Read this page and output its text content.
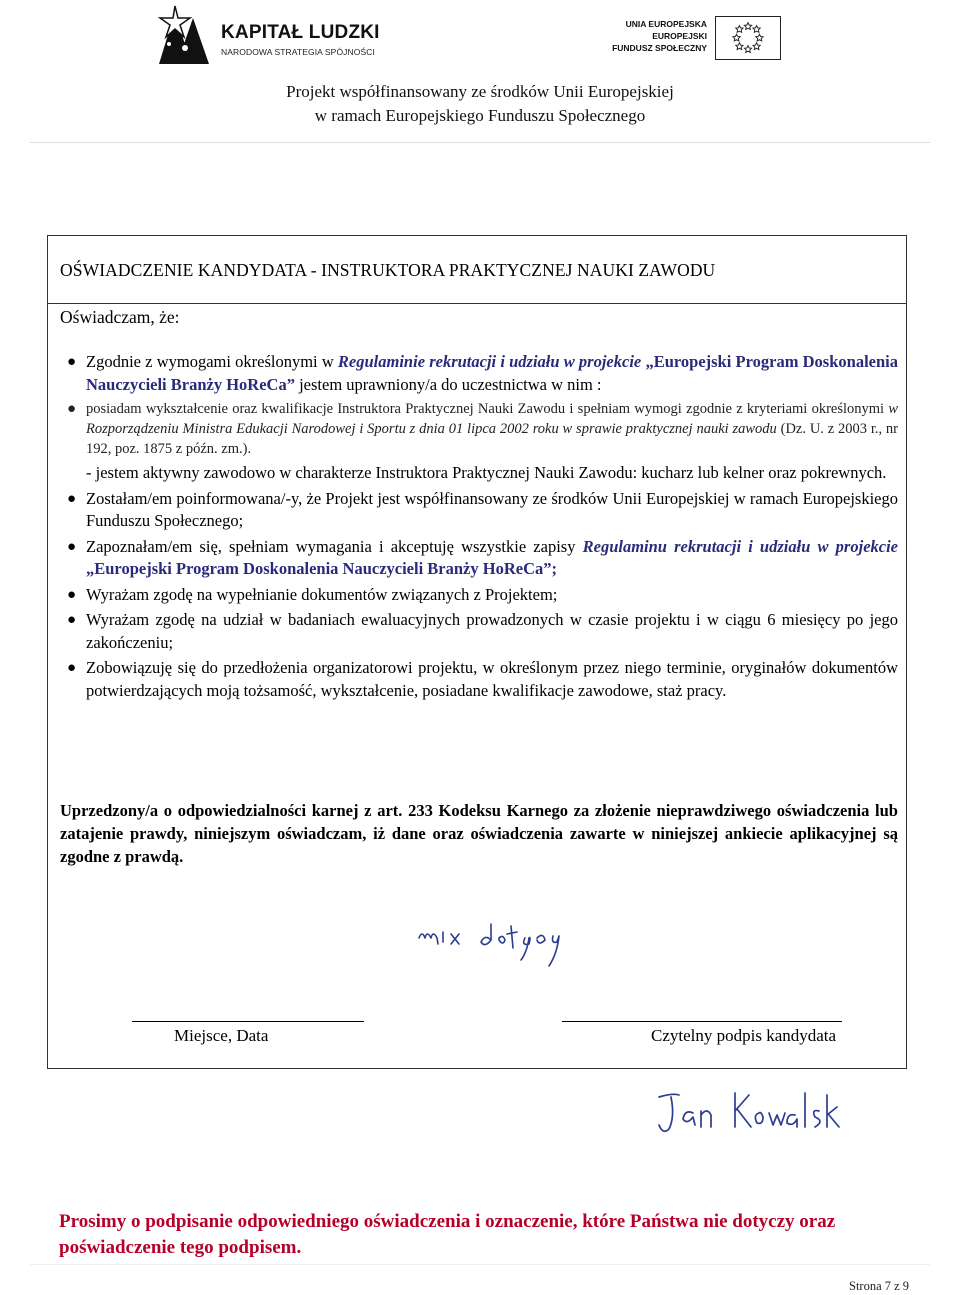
KAPITAŁ LUDZKI
NARODOWA STRATEGIA SPÓJNOŚCI
UNIA EUROPEJSKA
EUROPEJSKI
FUNDUSZ SPOŁECZNY
Projekt współfinansowany ze środków Unii Europejskiej
w ramach Europejskiego Funduszu Społecznego
OŚWIADCZENIE KANDYDATA - INSTRUKTORA PRAKTYCZNEJ NAUKI ZAWODU
Oświadczam, że:
● Zgodnie z wymogami określonymi w Regulaminie rekrutacji i udziału w projekcie „Europejski Program Doskonalenia Nauczycieli Branży HoReCa” jestem uprawniony/a do uczestnictwa w nim :
● posiadam wykształcenie oraz kwalifikacje Instruktora Praktycznej Nauki Zawodu i spełniam wymogi zgodnie z kryteriami określonymi w Rozporządzeniu Ministra Edukacji Narodowej i Sportu z dnia 01 lipca 2002 roku w sprawie praktycznej nauki zawodu (Dz. U. z 2003 r., nr 192, poz. 1875 z późn. zm.).
- jestem aktywny zawodowo w charakterze Instruktora Praktycznej Nauki Zawodu: kucharz lub kelner oraz pokrewnych.
● Zostałam/em poinformowana/-y, że Projekt jest współfinansowany ze środków Unii Europejskiej w ramach Europejskiego Funduszu Społecznego;
● Zapoznałam/em się, spełniam wymagania i akceptuję wszystkie zapisy Regulaminu rekrutacji i udziału w projekcie „Europejski Program Doskonalenia Nauczycieli Branży HoReCa”;
● Wyrażam zgodę na wypełnianie dokumentów związanych z Projektem;
● Wyrażam zgodę na udział w badaniach ewaluacyjnych prowadzonych w czasie projektu i w ciągu 6 miesięcy po jego zakończeniu;
● Zobowiązuję się do przedłożenia organizatorowi projektu, w określonym przez niego terminie, oryginałów dokumentów potwierdzających moją tożsamość, wykształcenie, posiadane kwalifikacje zawodowe, staż pracy.
Uprzedzony/a o odpowiedzialności karnej z art. 233 Kodeksu Karnego za złożenie nieprawdziwego oświadczenia lub zatajenie prawdy, niniejszym oświadczam, iż dane oraz oświadczenia zawarte w niniejszej ankiecie aplikacyjnej są zgodne z prawdą.
Miejsce, Data	Czytelny podpis kandydata
Prosimy o podpisanie odpowiedniego oświadczenia i oznaczenie, które Państwa nie dotyczy oraz poświadczenie tego podpisem.
Strona 7 z 9
